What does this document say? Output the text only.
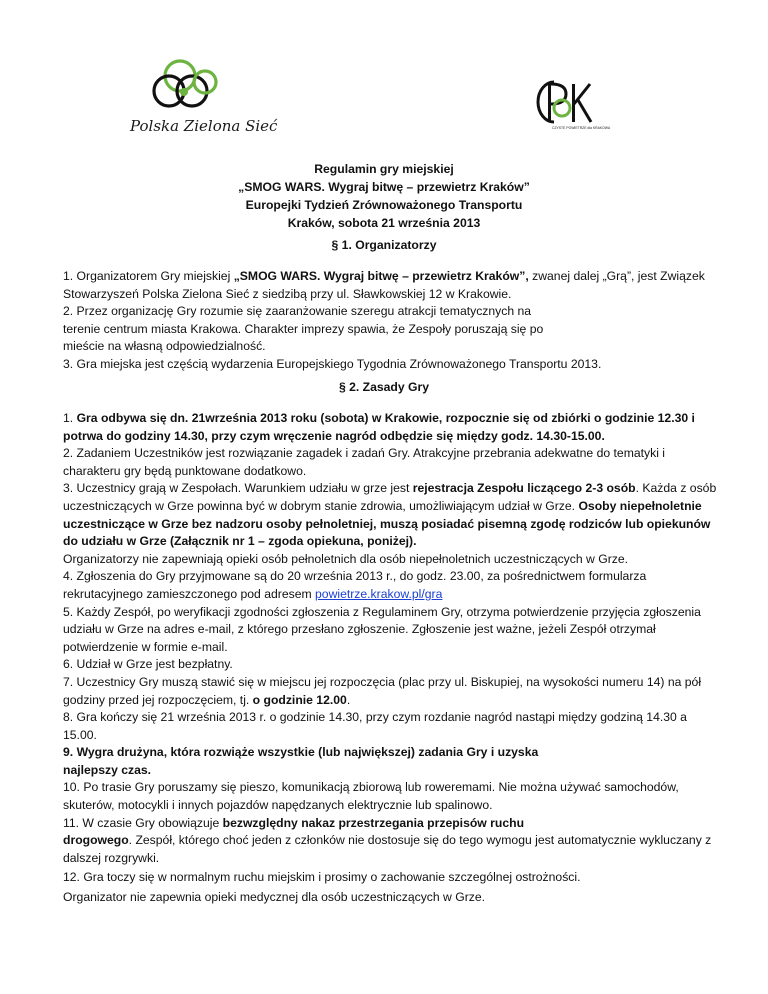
Polska Zielona Sieć	CZYSTE POWIETRZE dla KRAKOWA
Regulamin gry miejskiej
„SMOG WARS. Wygraj bitwę – przewietrz Kraków”
Europejki Tydzień Zrównoważonego Transportu
Kraków, sobota 21 września 2013
§ 1. Organizatorzy

1. Organizatorem Gry miejskiej „SMOG WARS. Wygraj bitwę – przewietrz Kraków”, zwanej dalej „Grą”, jest Związek Stowarzyszeń Polska Zielona Sieć z siedzibą przy ul. Sławkowskiej 12 w Krakowie.

2. Przez organizację Gry rozumie się zaaranżowanie szeregu atrakcji tematycznych na

terenie centrum miasta Krakowa. Charakter imprezy spawia, że Zespoły poruszają się po

mieście na własną odpowiedzialność.

3. Gra miejska jest częścią wydarzenia Europejskiego Tygodnia Zrównoważonego Transportu 2013.

§ 2. Zasady Gry

1. Gra odbywa się dn. 21września 2013 roku (sobota) w Krakowie, rozpocznie się od zbiórki o godzinie 12.30 i potrwa do godziny 14.30, przy czym wręczenie nagród odbędzie się między godz. 14.30-15.00.

2. Zadaniem Uczestników jest rozwiązanie zagadek i zadań Gry. Atrakcyjne przebrania adekwatne do tematyki i charakteru gry będą punktowane dodatkowo.

3. Uczestnicy grają w Zespołach. Warunkiem udziału w grze jest rejestracja Zespołu liczącego 2-3 osób. Każda z osób uczestniczących w Grze powinna być w dobrym stanie zdrowia, umożliwiającym udział w Grze. Osoby niepełnoletnie uczestniczące w Grze bez nadzoru osoby pełnoletniej, muszą posiadać pisemną zgodę rodziców lub opiekunów do udziału w Grze (Załącznik nr 1 – zgoda opiekuna, poniżej).

Organizatorzy nie zapewniają opieki osób pełnoletnich dla osób niepełnoletnich uczestniczących w Grze.

4. Zgłoszenia do Gry przyjmowane są do 20 września 2013 r., do godz. 23.00, za pośrednictwem formularza rekrutacyjnego zamieszczonego pod adresem powietrze.krakow.pl/gra

5. Każdy Zespół, po weryfikacji zgodności zgłoszenia z Regulaminem Gry, otrzyma potwierdzenie przyjęcia zgłoszenia udziału w Grze na adres e-mail, z którego przesłano zgłoszenie. Zgłoszenie jest ważne, jeżeli Zespół otrzymał potwierdzenie w formie e-mail.

6. Udział w Grze jest bezpłatny.

7. Uczestnicy Gry muszą stawić się w miejscu jej rozpoczęcia (plac przy ul. Biskupiej, na wysokości numeru 14) na pół godziny przed jej rozpoczęciem, tj. o godzinie 12.00.

8. Gra kończy się 21 września 2013 r. o godzinie 14.30, przy czym rozdanie nagród nastąpi między godziną 14.30 a 15.00.

9. Wygra drużyna, która rozwiąże wszystkie (lub największej) zadania Gry i uzyska

najlepszy czas.

10. Po trasie Gry poruszamy się pieszo, komunikacją zbiorową lub roweremami. Nie można używać samochodów, skuterów, motocykli i innych pojazdów napędzanych elektrycznie lub spalinowo.

11. W czasie Gry obowiązuje bezwzględny nakaz przestrzegania przepisów ruchu

drogowego. Zespół, którego choć jeden z członków nie dostosuje się do tego wymogu jest automatycznie wykluczany z dalszej rozgrywki.

12. Gra toczy się w normalnym ruchu miejskim i prosimy o zachowanie szczególnej ostrożności.

Organizator nie zapewnia opieki medycznej dla osób uczestniczących w Grze.
